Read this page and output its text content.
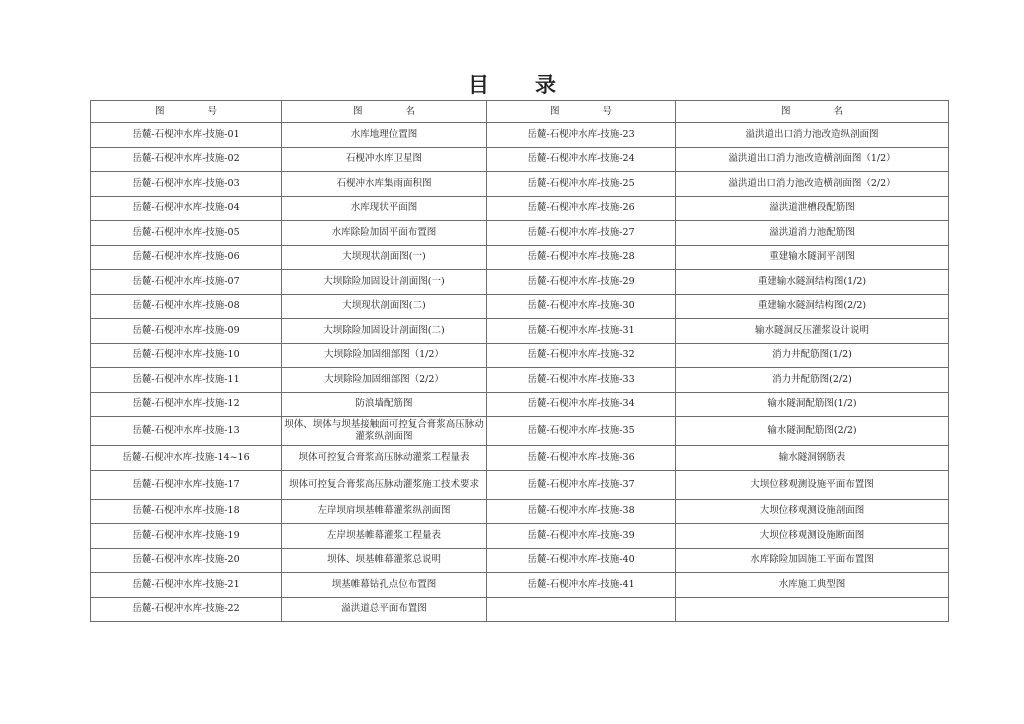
目 录
图 号	图 名	图 号	图 名
岳麓-石枧冲水库-技施-01	水库地理位置图	岳麓-石枧冲水库-技施-23	溢洪道出口消力池改造纵剖面图
岳麓-石枧冲水库-技施-02	石枧冲水库卫星图	岳麓-石枧冲水库-技施-24	溢洪道出口消力池改造横剖面图（1/2）
岳麓-石枧冲水库-技施-03	石枧冲水库集雨面积图	岳麓-石枧冲水库-技施-25	溢洪道出口消力池改造横剖面图（2/2）
岳麓-石枧冲水库-技施-04	水库现状平面图	岳麓-石枧冲水库-技施-26	溢洪道泄槽段配筋图
岳麓-石枧冲水库-技施-05	水库除险加固平面布置图	岳麓-石枧冲水库-技施-27	溢洪道消力池配筋图
岳麓-石枧冲水库-技施-06	大坝现状剖面图(一)	岳麓-石枧冲水库-技施-28	重建输水隧洞平剖图
岳麓-石枧冲水库-技施-07	大坝除险加固设计剖面图(一)	岳麓-石枧冲水库-技施-29	重建输水隧洞结构图(1/2)
岳麓-石枧冲水库-技施-08	大坝现状剖面图(二)	岳麓-石枧冲水库-技施-30	重建输水隧洞结构图(2/2)
岳麓-石枧冲水库-技施-09	大坝除险加固设计剖面图(二)	岳麓-石枧冲水库-技施-31	输水隧洞反压灌浆设计说明
岳麓-石枧冲水库-技施-10	大坝除险加固细部图（1/2）	岳麓-石枧冲水库-技施-32	消力井配筋图(1/2)
岳麓-石枧冲水库-技施-11	大坝除险加固细部图（2/2）	岳麓-石枧冲水库-技施-33	消力井配筋图(2/2)
岳麓-石枧冲水库-技施-12	防浪墙配筋图	岳麓-石枧冲水库-技施-34	输水隧洞配筋图(1/2)
岳麓-石枧冲水库-技施-13	坝体、坝体与坝基接触面可控复合膏浆高压脉动灌浆纵剖面图	岳麓-石枧冲水库-技施-35	输水隧洞配筋图(2/2)
岳麓-石枧冲水库-技施-14~16	坝体可控复合膏浆高压脉动灌浆工程量表	岳麓-石枧冲水库-技施-36	输水隧洞钢筋表
岳麓-石枧冲水库-技施-17	坝体可控复合膏浆高压脉动灌浆施工技术要求	岳麓-石枧冲水库-技施-37	大坝位移观测设施平面布置图
岳麓-石枧冲水库-技施-18	左岸坝肩坝基帷幕灌浆纵剖面图	岳麓-石枧冲水库-技施-38	大坝位移观测设施剖面图
岳麓-石枧冲水库-技施-19	左岸坝基帷幕灌浆工程量表	岳麓-石枧冲水库-技施-39	大坝位移观测设施断面图
岳麓-石枧冲水库-技施-20	坝体、坝基帷幕灌浆总说明	岳麓-石枧冲水库-技施-40	水库除险加固施工平面布置图
岳麓-石枧冲水库-技施-21	坝基帷幕钻孔点位布置图	岳麓-石枧冲水库-技施-41	水库施工典型图
岳麓-石枧冲水库-技施-22	溢洪道总平面布置图		
